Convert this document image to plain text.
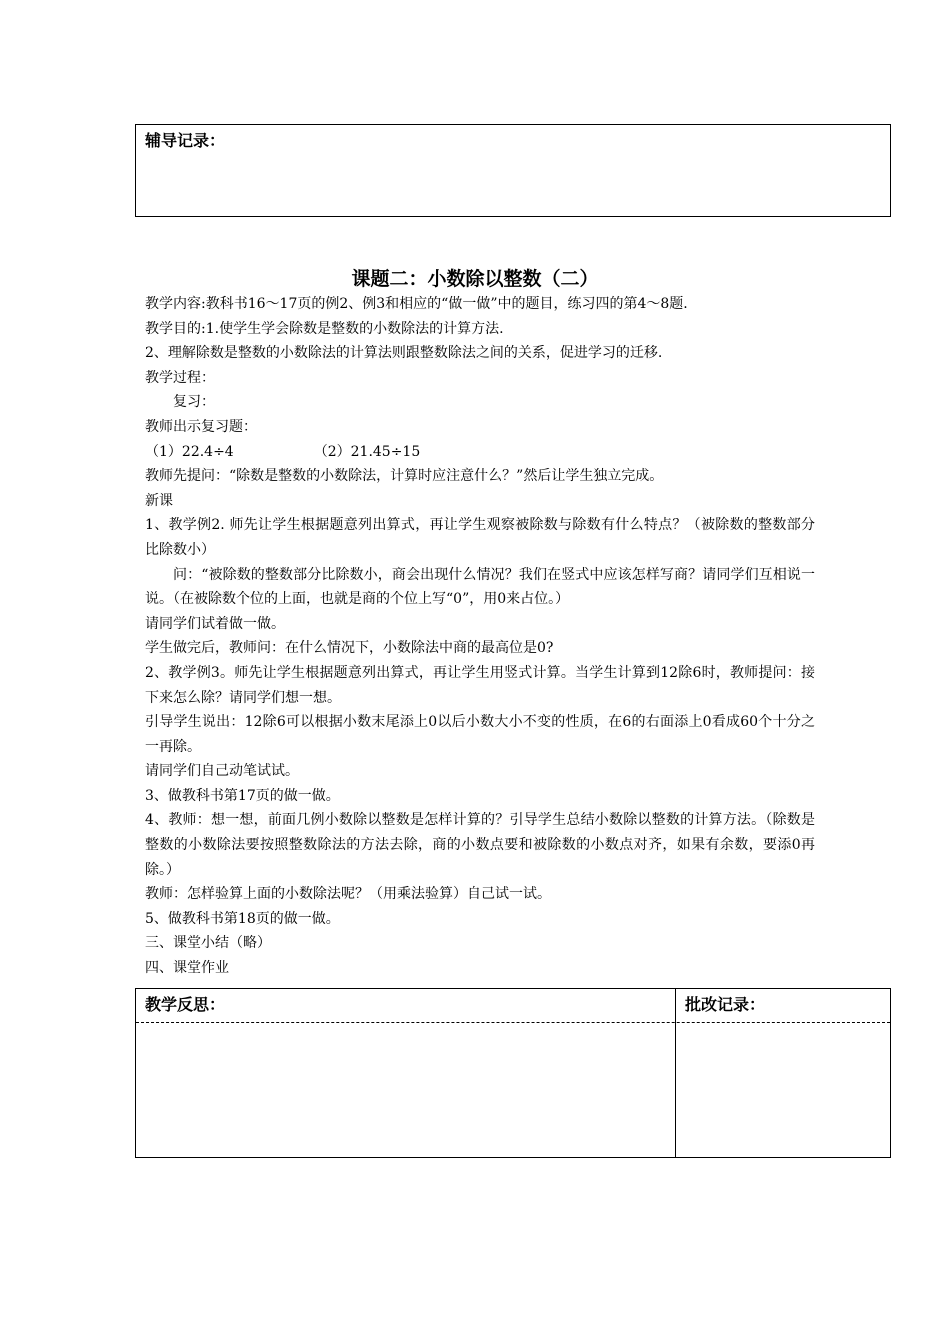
辅导记录：
课题二：小数除以整数（二）

教学内容:教科书16～17页的例2、例3和相应的“做一做”中的题目，练习四的第4～8题.

教学目的:1.使学生学会除数是整数的小数除法的计算方法.

2、理解除数是整数的小数除法的计算法则跟整数除法之间的关系，促进学习的迁移.

教学过程：

复习：

教师出示复习题：

（1）22.4÷4	（2）21.45÷15

教师先提问：“除数是整数的小数除法，计算时应注意什么？”然后让学生独立完成。

新课

1、教学例2. 师先让学生根据题意列出算式，再让学生观察被除数与除数有什么特点？（被除数的整数部分比除数小）

问：“被除数的整数部分比除数小，商会出现什么情况？我们在竖式中应该怎样写商？请同学们互相说一说。（在被除数个位的上面，也就是商的个位上写“0”，用0来占位。）

请同学们试着做一做。

学生做完后，教师问：在什么情况下，小数除法中商的最高位是0?

2、教学例3。师先让学生根据题意列出算式，再让学生用竖式计算。当学生计算到12除6时，教师提问：接下来怎么除？请同学们想一想。

引导学生说出：12除6可以根据小数末尾添上0以后小数大小不变的性质，在6的右面添上0看成60个十分之一再除。

请同学们自己动笔试试。

3、做教科书第17页的做一做。

4、教师：想一想，前面几例小数除以整数是怎样计算的？引导学生总结小数除以整数的计算方法。（除数是整数的小数除法要按照整数除法的方法去除，商的小数点要和被除数的小数点对齐，如果有余数，要添0再除。）

教师：怎样验算上面的小数除法呢？（用乘法验算）自己试一试。

5、做教科书第18页的做一做。

三、课堂小结（略）

四、课堂作业

教学反思：	批改记录：
